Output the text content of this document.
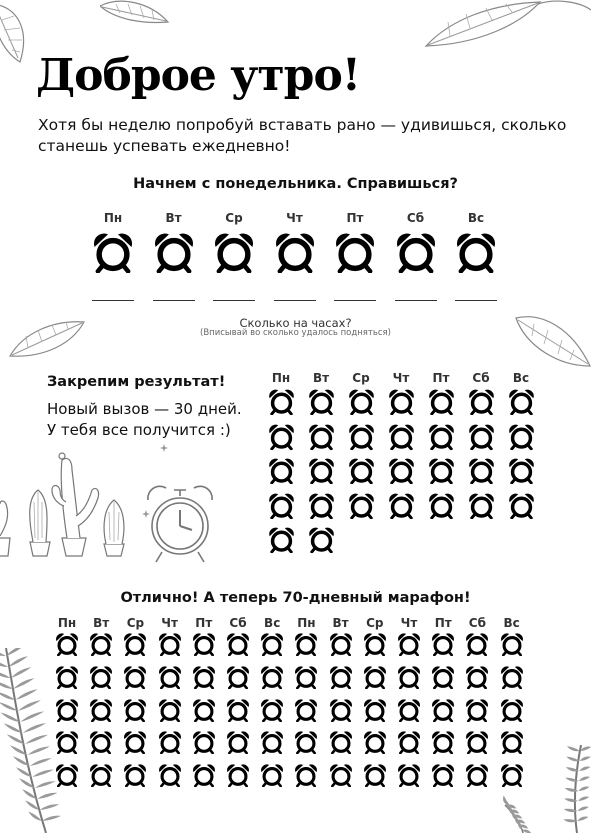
Доброе утро!

Хотя бы неделю попробуй вставать рано — удивишься, сколько станешь успевать ежедневно!

Начнем с понедельника. Справишься?

Пн	Вт	Ср	Чт	Пт	Сб	Вс

Сколько на часах?

(Вписывай во сколько удалось подняться)

Закрепим результат!

Новый вызов — 30 дней.
У тебя все получится :)
Пн	Вт	Ср	Чт	Пт	Сб	Вс

Отлично! А теперь 70-дневный марафон!

Пн	Вт	Ср	Чт	Пт	Сб	Вс	Пн	Вт	Ср	Чт	Пт	Сб	Вс
